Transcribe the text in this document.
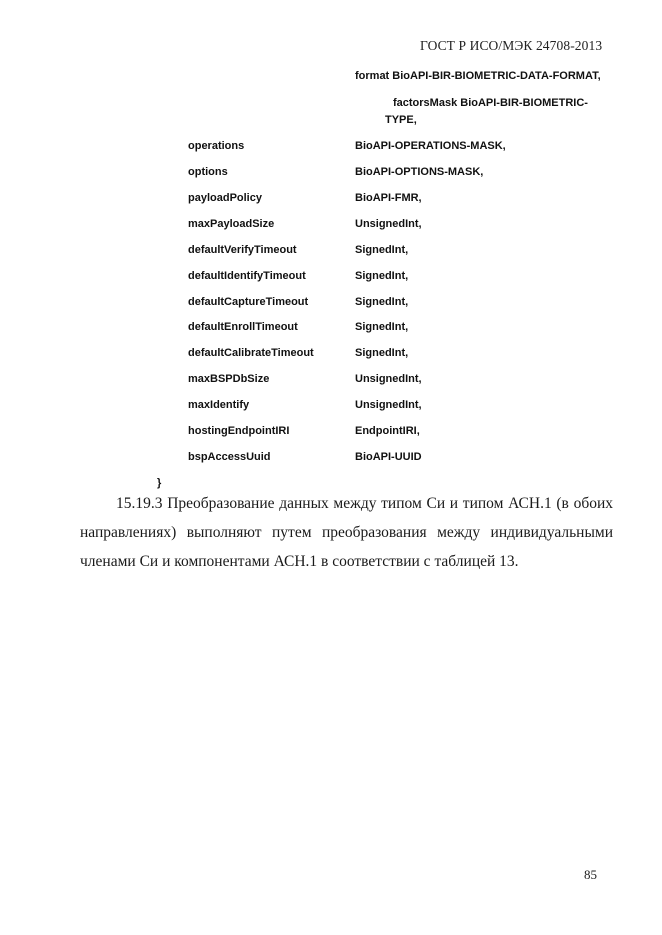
ГОСТ Р ИСО/МЭК 24708-2013
format BioAPI-BIR-BIOMETRIC-DATA-FORMAT,
factorsMask BioAPI-BIR-BIOMETRIC-
TYPE,
operations	BioAPI-OPERATIONS-MASK,
options	BioAPI-OPTIONS-MASK,
payloadPolicy	BioAPI-FMR,
maxPayloadSize	UnsignedInt,
defaultVerifyTimeout	SignedInt,
defaultIdentifyTimeout	SignedInt,
defaultCaptureTimeout	SignedInt,
defaultEnrollTimeout	SignedInt,
defaultCalibrateTimeout	SignedInt,
maxBSPDbSize	UnsignedInt,
maxIdentify	UnsignedInt,
hostingEndpointIRI	EndpointIRI,
bspAccessUuid	BioAPI-UUID
}
15.19.3 Преобразование данных между типом Си и типом АСН.1 (в обоих
направлениях) выполняют путем преобразования между индивидуальными
членами Си и компонентами АСН.1 в соответствии с таблицей 13.
85
